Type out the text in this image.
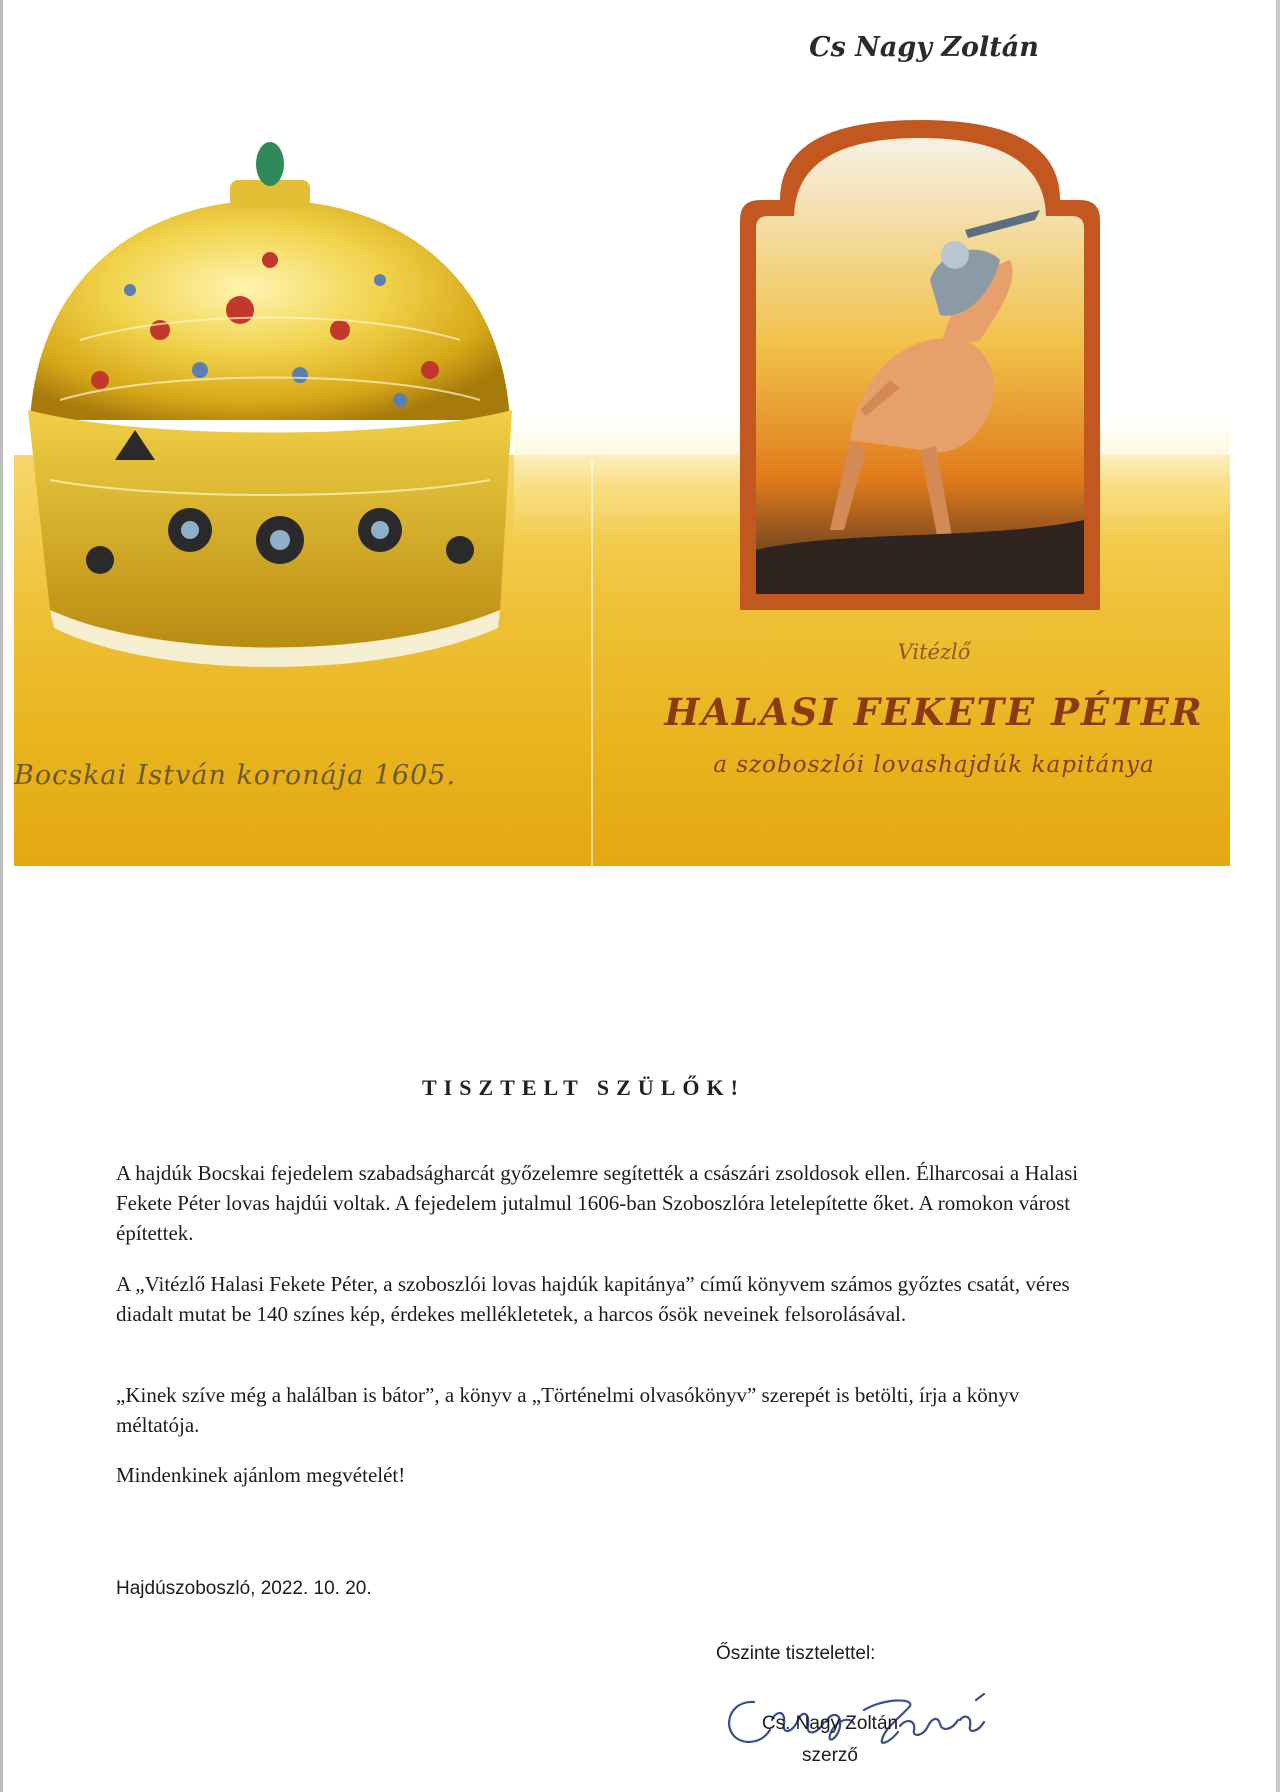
Cs Nagy Zoltán
Bocskai István koronája 1605.
Vitézlő
HALASI FEKETE PÉTER
a szoboszlói lovashajdúk kapitánya
TISZTELT SZÜLŐK!

A hajdúk Bocskai fejedelem szabadságharcát győzelemre segítették a császári zsoldosok ellen. Élharcosai a Halasi Fekete Péter lovas hajdúi voltak. A fejedelem jutalmul 1606-ban Szoboszlóra letelepítette őket. A romokon várost építettek.

A „Vitézlő Halasi Fekete Péter, a szoboszlói lovas hajdúk kapitánya” című könyvem számos győztes csatát, véres diadalt mutat be 140 színes kép, érdekes mellékletetek, a harcos ősök neveinek felsorolásával.

„Kinek szíve még a halálban is bátor”, a könyv a „Történelmi olvasókönyv” szerepét is betölti, írja a könyv méltatója.

Mindenkinek ajánlom megvételét!

Hajdúszoboszló, 2022. 10. 20.
Őszinte tisztelettel:
Cs. Nagy Zoltán
szerző
